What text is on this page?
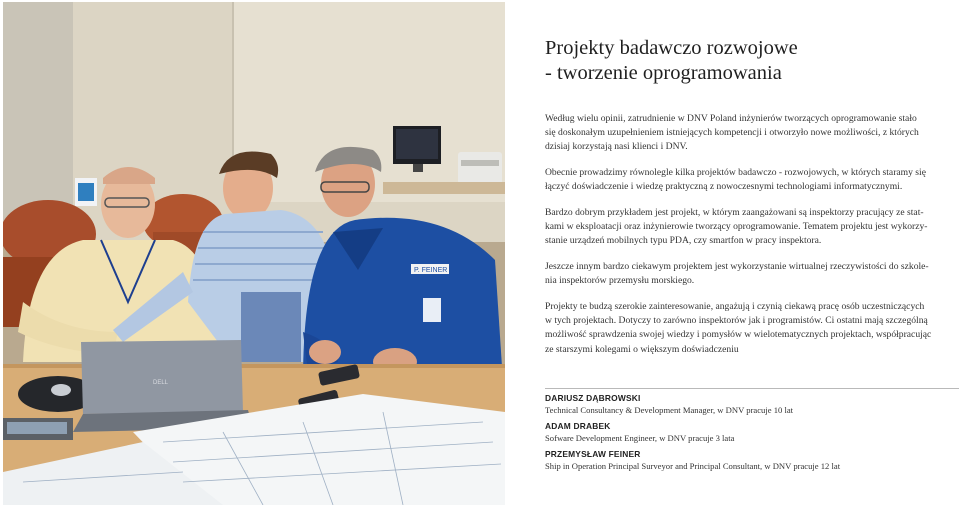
P. FEINER
DELL
Projekty badawczo rozwojowe
- tworzenie oprogramowania

Według wielu opinii, zatrudnienie w DNV Poland inżynierów tworzących oprogramowanie stało
się doskonałym uzupełnieniem istniejących kompetencji i otworzyło nowe możliwości, z których
dzisiaj korzystają nasi klienci i DNV.

Obecnie prowadzimy równolegle kilka projektów badawczo - rozwojowych, w których staramy się
łączyć doświadczenie i wiedzę praktyczną z nowoczesnymi technologiami informatycznymi.

Bardzo dobrym przykładem jest projekt, w którym zaangażowani są inspektorzy pracujący ze stat-
kami w eksploatacji oraz inżynierowie tworzący oprogramowanie. Tematem projektu jest wykorzy-
stanie urządzeń mobilnych typu PDA, czy smartfon w pracy inspektora.

Jeszcze innym bardzo ciekawym projektem jest wykorzystanie wirtualnej rzeczywistości do szkole-
nia inspektorów przemysłu morskiego.

Projekty te budzą szerokie zainteresowanie, angażują i czynią ciekawą pracę osób uczestniczących
w tych projektach. Dotyczy to zarówno inspektorów jak i programistów. Ci ostatni mają szczególną
możliwość sprawdzenia swojej wiedzy i pomysłów w wielotematycznych projektach, współpracując
ze starszymi kolegami o większym doświadczeniu

DARIUSZ DĄBROWSKI
Technical Consultancy & Development Manager, w DNV pracuje 10 lat
ADAM DRABEK
Sofware Development Engineer, w DNV pracuje 3 lata
PRZEMYSŁAW FEINER
Ship in Operation Principal Surveyor and Principal Consultant, w DNV pracuje 12 lat
